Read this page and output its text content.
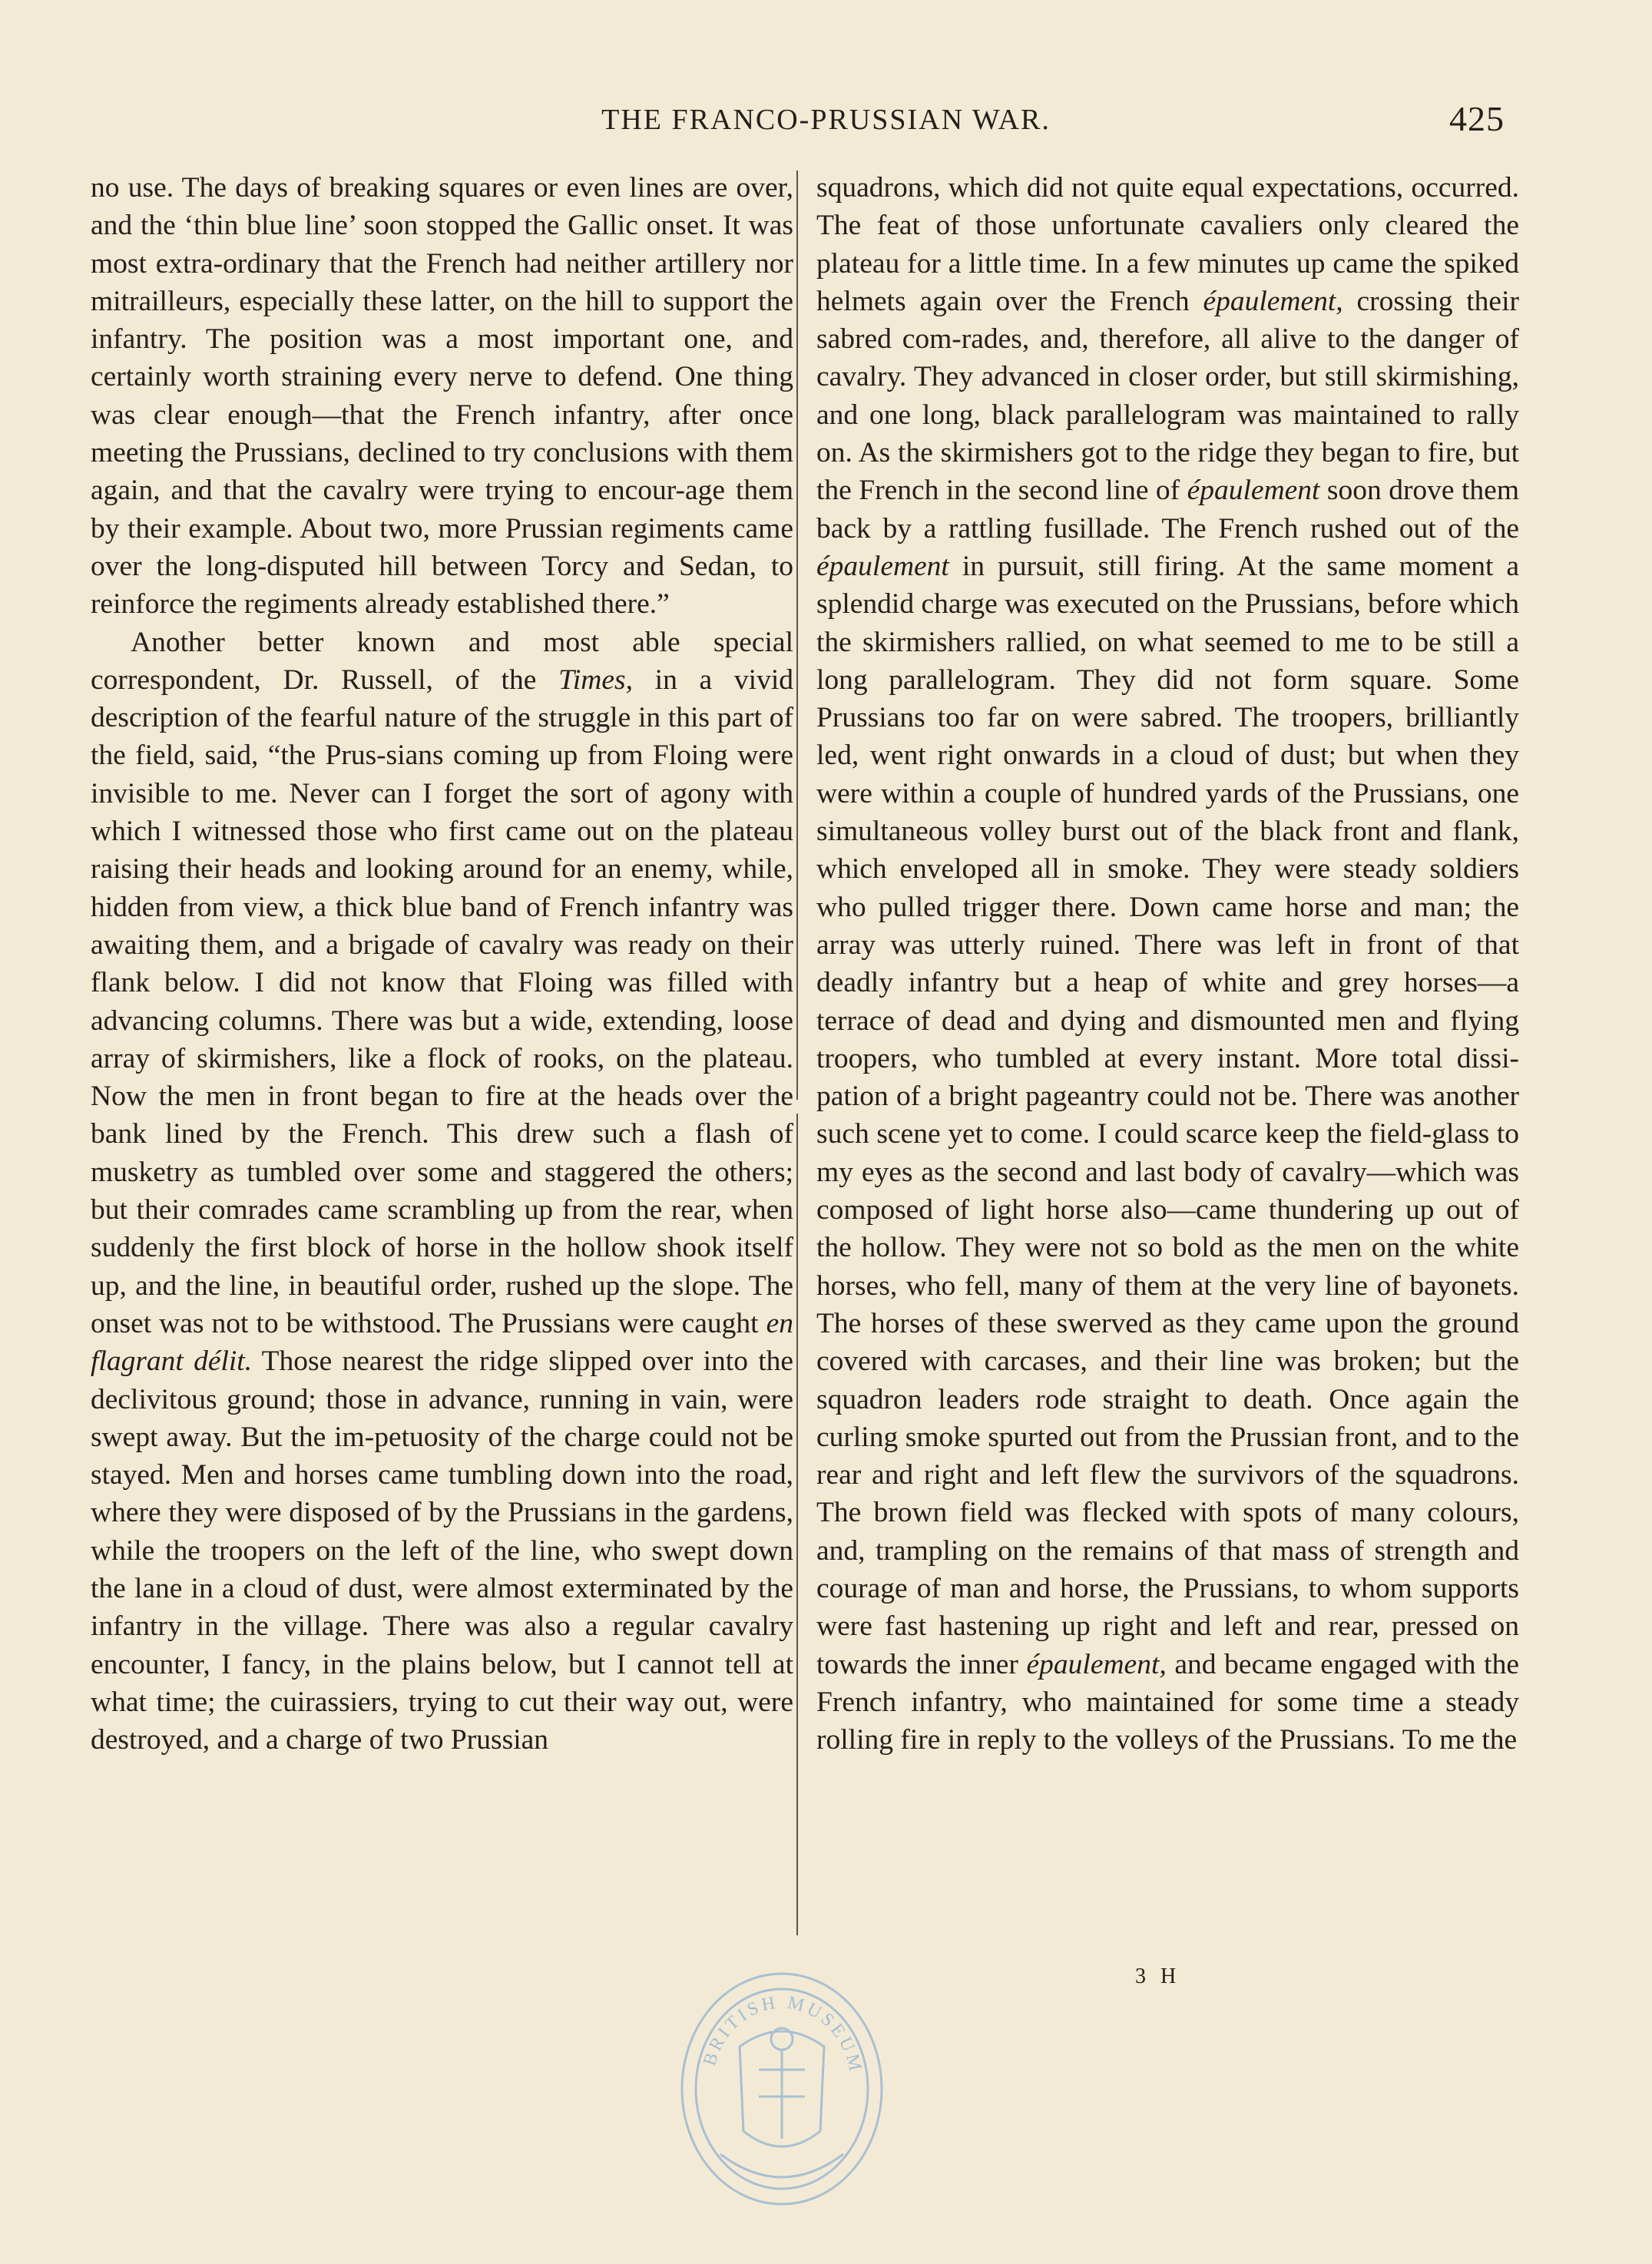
THE FRANCO-PRUSSIAN WAR.	425

no use. The days of breaking squares or even lines are over, and the ‘thin blue line’ soon stopped the Gallic onset. It was most extra-ordinary that the French had neither artillery nor mitrailleurs, especially these latter, on the hill to support the infantry. The position was a most important one, and certainly worth straining every nerve to defend. One thing was clear enough—that the French infantry, after once meeting the Prussians, declined to try conclusions with them again, and that the cavalry were trying to encour-age them by their example. About two, more Prussian regiments came over the long-disputed hill between Torcy and Sedan, to reinforce the regiments already established there.”

Another better known and most able special correspondent, Dr. Russell, of the Times, in a vivid description of the fearful nature of the struggle in this part of the field, said, “the Prus-sians coming up from Floing were invisible to me. Never can I forget the sort of agony with which I witnessed those who first came out on the plateau raising their heads and looking around for an enemy, while, hidden from view, a thick blue band of French infantry was awaiting them, and a brigade of cavalry was ready on their flank below. I did not know that Floing was filled with advancing columns. There was but a wide, extending, loose array of skirmishers, like a flock of rooks, on the plateau. Now the men in front began to fire at the heads over the bank lined by the French. This drew such a flash of musketry as tumbled over some and staggered the others; but their comrades came scrambling up from the rear, when suddenly the first block of horse in the hollow shook itself up, and the line, in beautiful order, rushed up the slope. The onset was not to be withstood. The Prussians were caught en flagrant délit. Those nearest the ridge slipped over into the declivitous ground; those in advance, running in vain, were swept away. But the im-petuosity of the charge could not be stayed. Men and horses came tumbling down into the road, where they were disposed of by the Prussians in the gardens, while the troopers on the left of the line, who swept down the lane in a cloud of dust, were almost exterminated by the infantry in the village. There was also a regular cavalry encounter, I fancy, in the plains below, but I cannot tell at what time; the cuirassiers, trying to cut their way out, were destroyed, and a charge of two Prussian

squadrons, which did not quite equal expectations, occurred. The feat of those unfortunate cavaliers only cleared the plateau for a little time. In a few minutes up came the spiked helmets again over the French épaulement, crossing their sabred com-rades, and, therefore, all alive to the danger of cavalry. They advanced in closer order, but still skirmishing, and one long, black parallelogram was maintained to rally on. As the skirmishers got to the ridge they began to fire, but the French in the second line of épaulement soon drove them back by a rattling fusillade. The French rushed out of the épaulement in pursuit, still firing. At the same moment a splendid charge was executed on the Prussians, before which the skirmishers rallied, on what seemed to me to be still a long parallelogram. They did not form square. Some Prussians too far on were sabred. The troopers, brilliantly led, went right onwards in a cloud of dust; but when they were within a couple of hundred yards of the Prussians, one simultaneous volley burst out of the black front and flank, which enveloped all in smoke. They were steady soldiers who pulled trigger there. Down came horse and man; the array was utterly ruined. There was left in front of that deadly infantry but a heap of white and grey horses—a terrace of dead and dying and dismounted men and flying troopers, who tumbled at every instant. More total dissi-pation of a bright pageantry could not be. There was another such scene yet to come. I could scarce keep the field-glass to my eyes as the second and last body of cavalry—which was composed of light horse also—came thundering up out of the hollow. They were not so bold as the men on the white horses, who fell, many of them at the very line of bayonets. The horses of these swerved as they came upon the ground covered with carcases, and their line was broken; but the squadron leaders rode straight to death. Once again the curling smoke spurted out from the Prussian front, and to the rear and right and left flew the survivors of the squadrons. The brown field was flecked with spots of many colours, and, trampling on the remains of that mass of strength and courage of man and horse, the Prussians, to whom supports were fast hastening up right and left and rear, pressed on towards the inner épaulement, and became engaged with the French infantry, who maintained for some time a steady rolling fire in reply to the volleys of the Prussians. To me the

3 H
BRITISH MUSEUM
